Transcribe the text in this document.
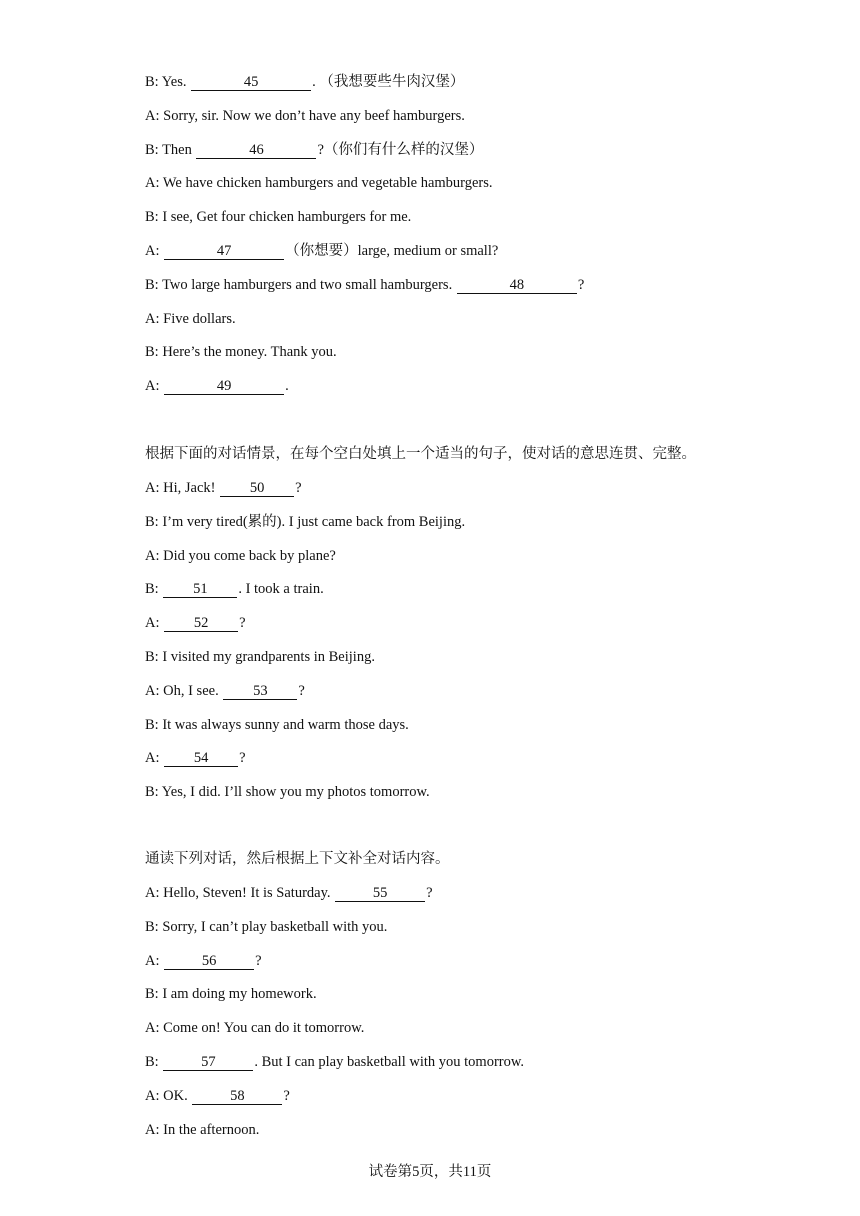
B: Yes.	45	. （我想要些牛肉汉堡）
A: Sorry, sir. Now we don’t have any beef hamburgers.
B: Then	46	?（你们有什么样的汉堡）
A: We have chicken hamburgers and vegetable hamburgers.
B: I see, Get four chicken hamburgers for me.
A:	47	（你想要）large, medium or small?
B: Two large hamburgers and two small hamburgers.	48	?
A: Five dollars.
B: Here’s the money. Thank you.
A:	49	.
根据下面的对话情景，在每个空白处填上一个适当的句子，使对话的意思连贯、完整。
A: Hi, Jack! 50 ?
B: I’m very tired(累的). I just came back from Beijing.
A: Did you come back by plane?
B: 51 . I took a train.
A: 52 ?
B: I visited my grandparents in Beijing.
A: Oh, I see. 53 ?
B: It was always sunny and warm those days.
A: 54 ?
B: Yes, I did. I’ll show you my photos tomorrow.
通读下列对话，然后根据上下文补全对话内容。
A: Hello, Steven! It is Saturday.	55	?
B: Sorry, I can’t play basketball with you.
A:	56	?
B: I am doing my homework.
A: Come on! You can do it tomorrow.
B:	57	. But I can play basketball with you tomorrow.
A: OK.	58	?
A: In the afternoon.
试卷第5页，共11页
